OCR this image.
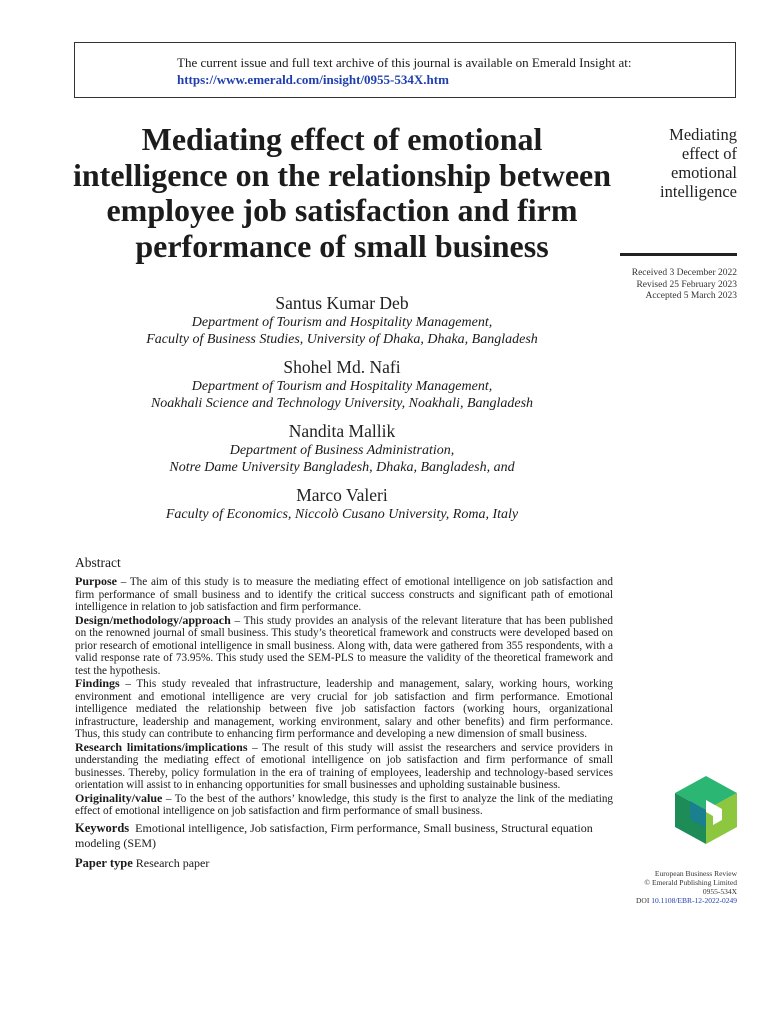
The current issue and full text archive of this journal is available on Emerald Insight at:
https://www.emerald.com/insight/0955-534X.htm
Mediating effect of emotional intelligence on the relationship between employee job satisfaction and firm performance of small business
Mediating
effect of
emotional
intelligence
Received 3 December 2022
Revised 25 February 2023
Accepted 5 March 2023
Santus Kumar Deb
Department of Tourism and Hospitality Management,
Faculty of Business Studies, University of Dhaka, Dhaka, Bangladesh
Shohel Md. Nafi
Department of Tourism and Hospitality Management,
Noakhali Science and Technology University, Noakhali, Bangladesh
Nandita Mallik
Department of Business Administration,
Notre Dame University Bangladesh, Dhaka, Bangladesh, and
Marco Valeri
Faculty of Economics, Niccolò Cusano University, Roma, Italy
Abstract

Purpose – The aim of this study is to measure the mediating effect of emotional intelligence on job satisfaction and firm performance of small business and to identify the critical success constructs and significant path of emotional intelligence in relation to job satisfaction and firm performance.

Design/methodology/approach – This study provides an analysis of the relevant literature that has been published on the renowned journal of small business. This study’s theoretical framework and constructs were developed based on prior research of emotional intelligence in small business. Along with, data were gathered from 355 respondents, with a valid response rate of 73.95%. This study used the SEM-PLS to measure the validity of the theoretical framework and test the hypothesis.

Findings – This study revealed that infrastructure, leadership and management, salary, working hours, working environment and emotional intelligence are very crucial for job satisfaction and firm performance. Emotional intelligence mediated the relationship between five job satisfaction factors (working hours, organizational infrastructure, leadership and management, working environment, salary and other benefits) and firm performance. Thus, this study can contribute to enhancing firm performance and developing a new dimension of small business.

Research limitations/implications – The result of this study will assist the researchers and service providers in understanding the mediating effect of emotional intelligence on job satisfaction and firm performance of small businesses. Thereby, policy formulation in the era of training of employees, leadership and technology-based services orientation will assist to in enhancing opportunities for small businesses and upholding sustainable business.

Originality/value – To the best of the authors’ knowledge, this study is the first to analyze the link of the mediating effect of emotional intelligence on job satisfaction and firm performance of small business.

Keywords Emotional intelligence, Job satisfaction, Firm performance, Small business, Structural equation modeling (SEM)
Paper type Research paper
European Business Review
© Emerald Publishing Limited
0955-534X
DOI 10.1108/EBR-12-2022-0249
